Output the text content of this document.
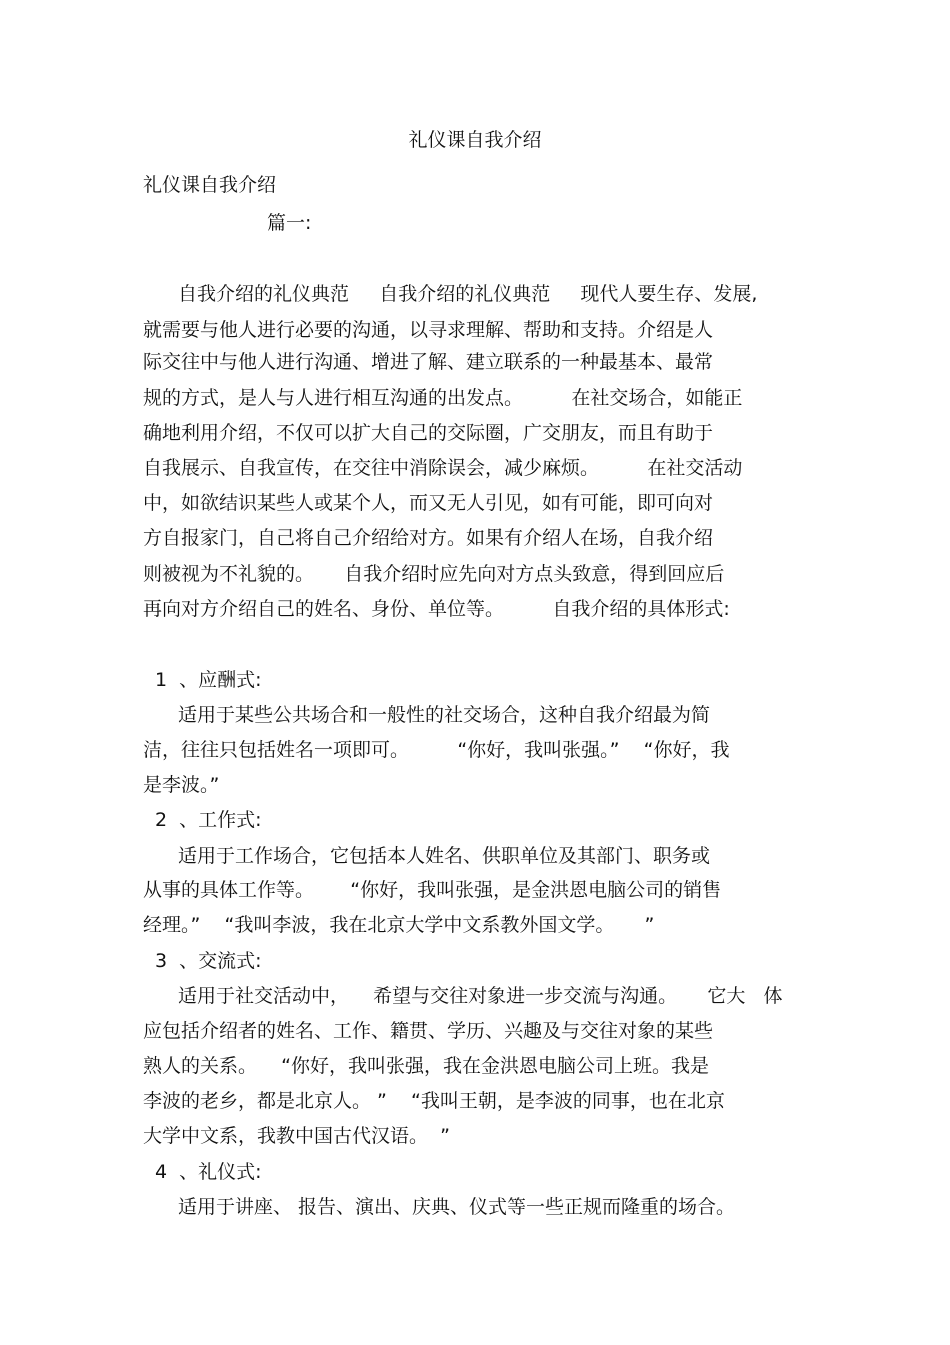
礼仪课自我介绍
礼仪课自我介绍
篇一:
自我介绍的礼仪典范     自我介绍的礼仪典范     现代人要生存、发展,
就需要与他人进行必要的沟通，以寻求理解、帮助和支持。介绍是人
际交往中与他人进行沟通、增进了解、建立联系的一种最基本、最常
规的方式，是人与人进行相互沟通的出发点。        在社交场合，如能正
确地利用介绍，不仅可以扩大自己的交际圈，广交朋友，而且有助于
自我展示、自我宣传，在交往中消除误会，减少麻烦。        在社交活动
中，如欲结识某些人或某个人，而又无人引见，如有可能，即可向对
方自报家门，自己将自己介绍给对方。如果有介绍人在场，自我介绍
则被视为不礼貌的。     自我介绍时应先向对方点头致意，得到回应后
再向对方介绍自己的姓名、身份、单位等。        自我介绍的具体形式:
1  、应酬式:
适用于某些公共场合和一般性的社交场合，这种自我介绍最为简
洁，往往只包括姓名一项即可。        “你好，我叫张强。”    “你好，我
是李波。”
2  、工作式:
适用于工作场合，它包括本人姓名、供职单位及其部门、职务或
从事的具体工作等。      “你好，我叫张强，是金洪恩电脑公司的销售
经理。”    “我叫李波，我在北京大学中文系教外国文学。     ”
3  、交流式:
适用于社交活动中，    希望与交往对象进一步交流与沟通。     它大   体
应包括介绍者的姓名、工作、籍贯、学历、兴趣及与交往对象的某些
熟人的关系。    “你好，我叫张强，我在金洪恩电脑公司上班。我是
李波的老乡，都是北京人。 ”    “我叫王朝，是李波的同事，也在北京
大学中文系，我教中国古代汉语。  ”
4  、礼仪式:
适用于讲座、 报告、演出、庆典、仪式等一些正规而隆重的场合。
